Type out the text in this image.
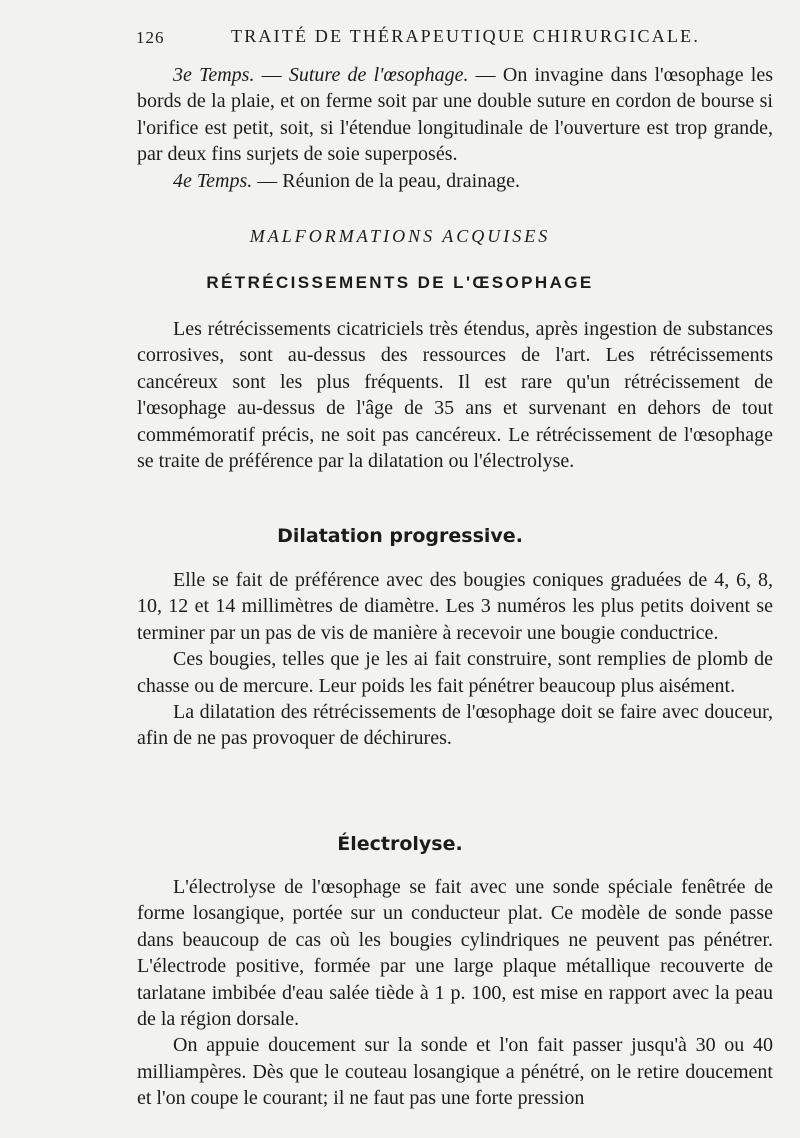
126	TRAITÉ DE THÉRAPEUTIQUE CHIRURGICALE.

3e Temps. — Suture de l'œsophage. — On invagine dans l'œsophage les bords de la plaie, et on ferme soit par une double suture en cordon de bourse si l'orifice est petit, soit, si l'étendue longitudinale de l'ouverture est trop grande, par deux fins surjets de soie superposés.

4e Temps. — Réunion de la peau, drainage.

MALFORMATIONS ACQUISES
RÉTRÉCISSEMENTS DE L'ŒSOPHAGE

Les rétrécissements cicatriciels très étendus, après ingestion de substances corrosives, sont au-dessus des ressources de l'art. Les rétrécissements cancéreux sont les plus fréquents. Il est rare qu'un rétrécissement de l'œsophage au-dessus de l'âge de 35 ans et survenant en dehors de tout commémoratif précis, ne soit pas cancéreux. Le rétrécissement de l'œsophage se traite de préférence par la dilatation ou l'électrolyse.

Dilatation progressive.

Elle se fait de préférence avec des bougies coniques graduées de 4, 6, 8, 10, 12 et 14 millimètres de diamètre. Les 3 numéros les plus petits doivent se terminer par un pas de vis de manière à recevoir une bougie conductrice.

Ces bougies, telles que je les ai fait construire, sont remplies de plomb de chasse ou de mercure. Leur poids les fait pénétrer beaucoup plus aisément.

La dilatation des rétrécissements de l'œsophage doit se faire avec douceur, afin de ne pas provoquer de déchirures.

Électrolyse.

L'électrolyse de l'œsophage se fait avec une sonde spéciale fenêtrée de forme losangique, portée sur un conducteur plat. Ce modèle de sonde passe dans beaucoup de cas où les bougies cylindriques ne peuvent pas pénétrer. L'électrode positive, formée par une large plaque métallique recouverte de tarlatane imbibée d'eau salée tiède à 1 p. 100, est mise en rapport avec la peau de la région dorsale.

On appuie doucement sur la sonde et l'on fait passer jusqu'à 30 ou 40 milliampères. Dès que le couteau losangique a pénétré, on le retire doucement et l'on coupe le courant; il ne faut pas une forte pression
